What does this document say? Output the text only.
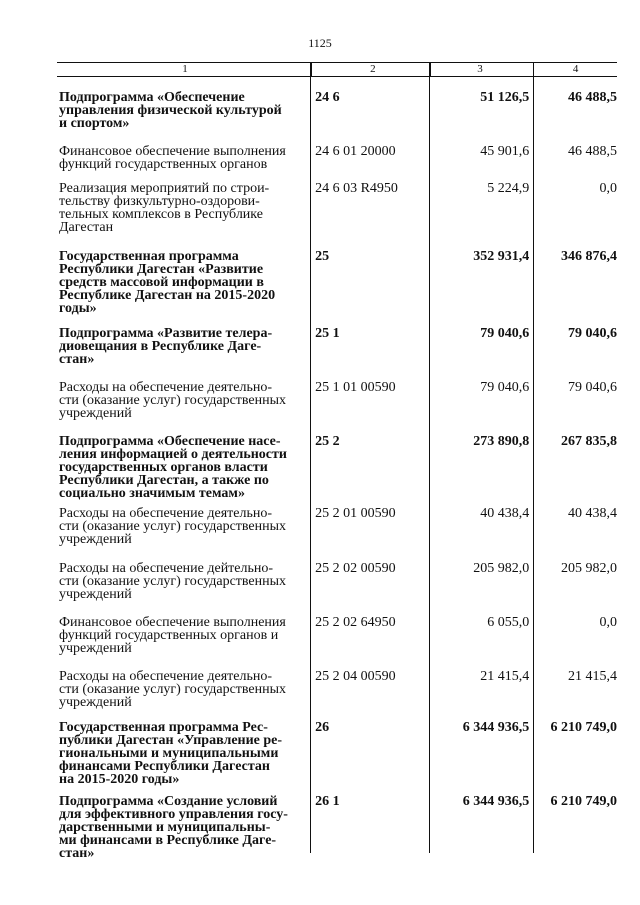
1125
1	2	3	4
Подпрограмма «Обеспечение
управления физической культурой
и спортом»
24 6	51 126,5	46 488,5
Финансовое обеспечение выполнения
функций государственных органов
24 6 01 20000	45 901,6	46 488,5
Реализация мероприятий по строи-
тельству физкультурно-оздорови-
тельных комплексов в Республике
Дагестан
24 6 03 R4950	5 224,9	0,0
Государственная программа
Республики Дагестан «Развитие
средств массовой информации в
Республике Дагестан на 2015-2020
годы»
25	352 931,4	346 876,4
Подпрограмма «Развитие телера-
диовещания в Республике Даге-
стан»
25 1	79 040,6	79 040,6
Расходы на обеспечение деятельно-
сти (оказание услуг) государственных
учреждений
25 1 01 00590	79 040,6	79 040,6
Подпрограмма «Обеспечение насе-
ления информацией о деятельности
государственных органов власти
Республики Дагестан, а также по
социально значимым темам»
25 2	273 890,8	267 835,8
Расходы на обеспечение деятельно-
сти (оказание услуг) государственных
учреждений
25 2 01 00590	40 438,4	40 438,4
Расходы на обеспечение дейтельно-
сти (оказание услуг) государственных
учреждений
25 2 02 00590	205 982,0	205 982,0
Финансовое обеспечение выполнения
функций государственных органов и
учреждений
25 2 02 64950	6 055,0	0,0
Расходы на обеспечение деятельно-
сти (оказание услуг) государственных
учреждений
25 2 04 00590	21 415,4	21 415,4
Государственная программа Рес-
публики Дагестан «Управление ре-
гиональными и муниципальными
финансами Республики Дагестан
на 2015-2020 годы»
26	6 344 936,5	6 210 749,0
Подпрограмма «Создание условий
для эффективного управления госу-
дарственными и муниципальны-
ми финансами в Республике Даге-
стан»
26 1	6 344 936,5	6 210 749,0
